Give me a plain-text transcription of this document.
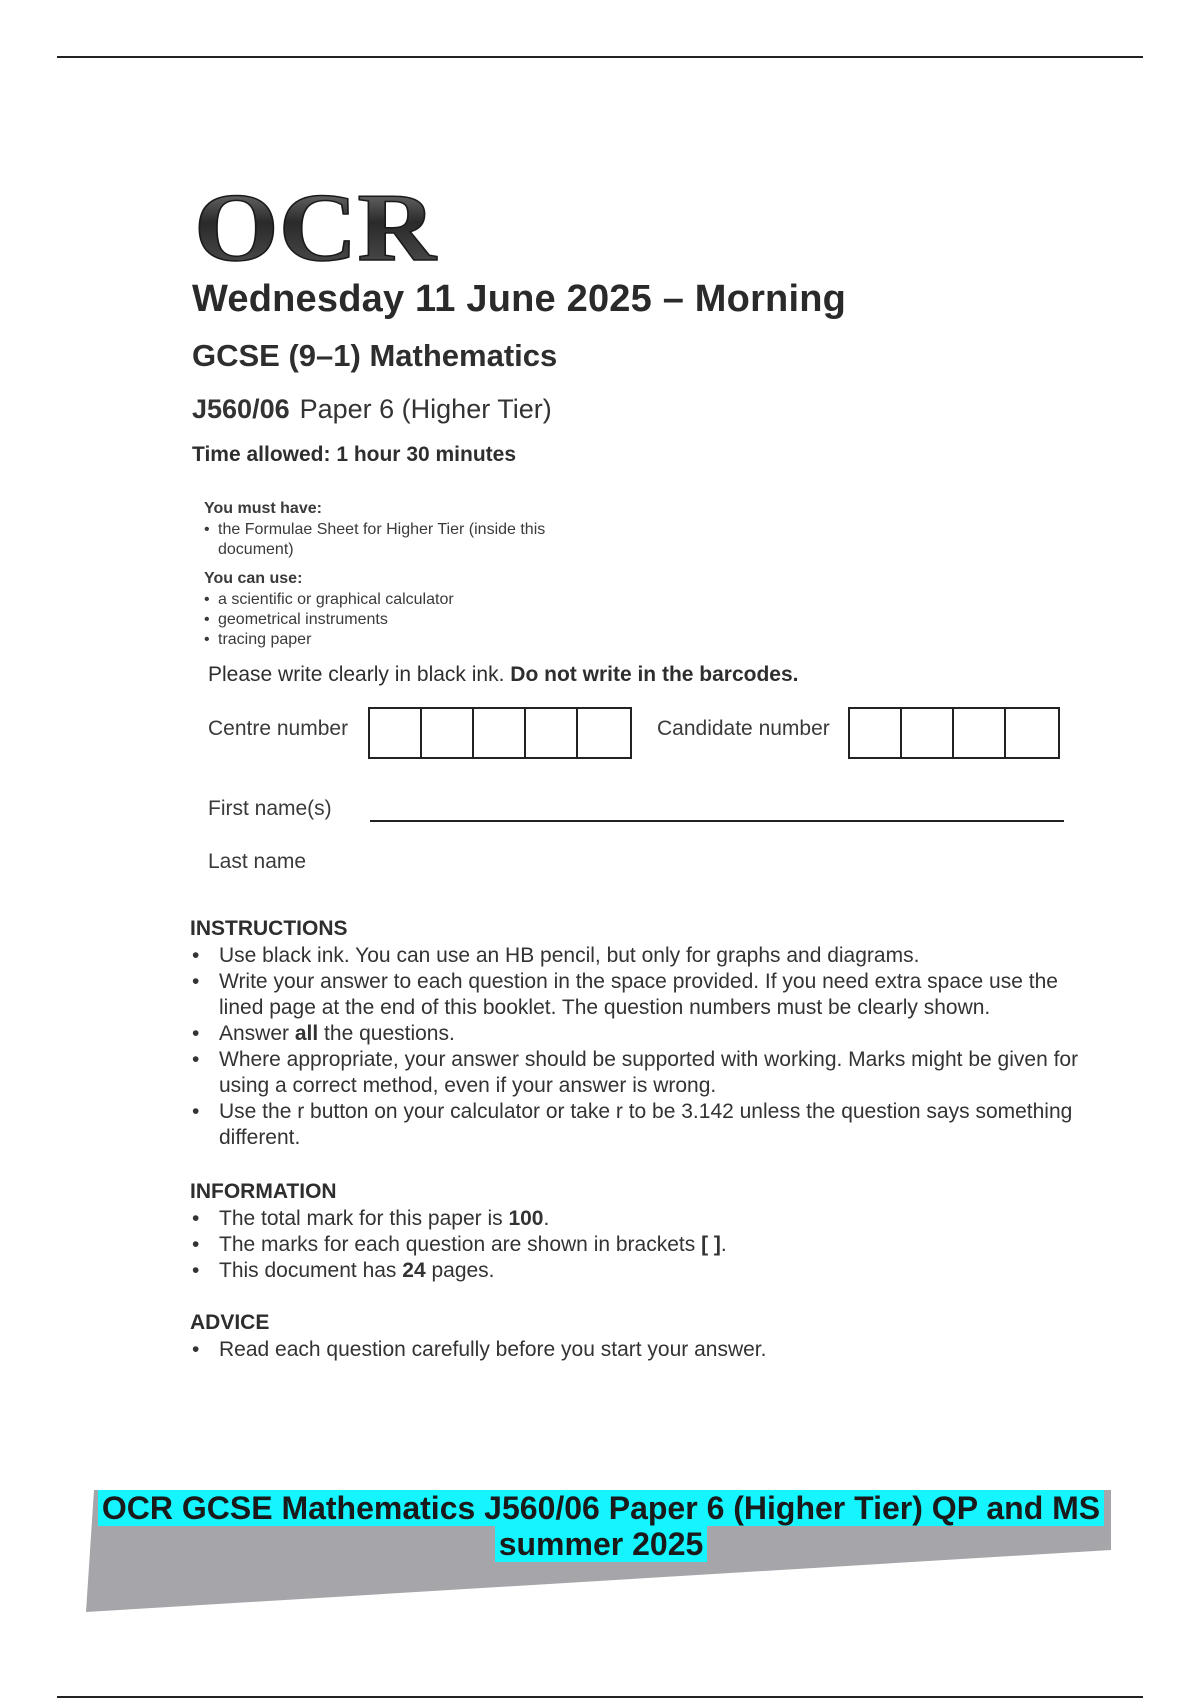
OCR
Wednesday 11 June 2025 – Morning
GCSE (9–1) Mathematics
J560/06 Paper 6 (Higher Tier)
Time allowed: 1 hour 30 minutes
You must have:
• the Formulae Sheet for Higher Tier (inside this document)
You can use:
• a scientific or graphical calculator
• geometrical instruments
• tracing paper
Please write clearly in black ink. Do not write in the barcodes.
Centre number	Candidate number
First name(s)
Last name
INSTRUCTIONS
• Use black ink. You can use an HB pencil, but only for graphs and diagrams.
• Write your answer to each question in the space provided. If you need extra space use the lined page at the end of this booklet. The question numbers must be clearly shown.
• Answer all the questions.
• Where appropriate, your answer should be supported with working. Marks might be given for using a correct method, even if your answer is wrong.
• Use the r button on your calculator or take r to be 3.142 unless the question says something different.
INFORMATION
• The total mark for this paper is 100.
• The marks for each question are shown in brackets [ ].
• This document has 24 pages.
ADVICE
• Read each question carefully before you start your answer.
OCR GCSE Mathematics J560/06 Paper 6 (Higher Tier) QP and MS
summer 2025
